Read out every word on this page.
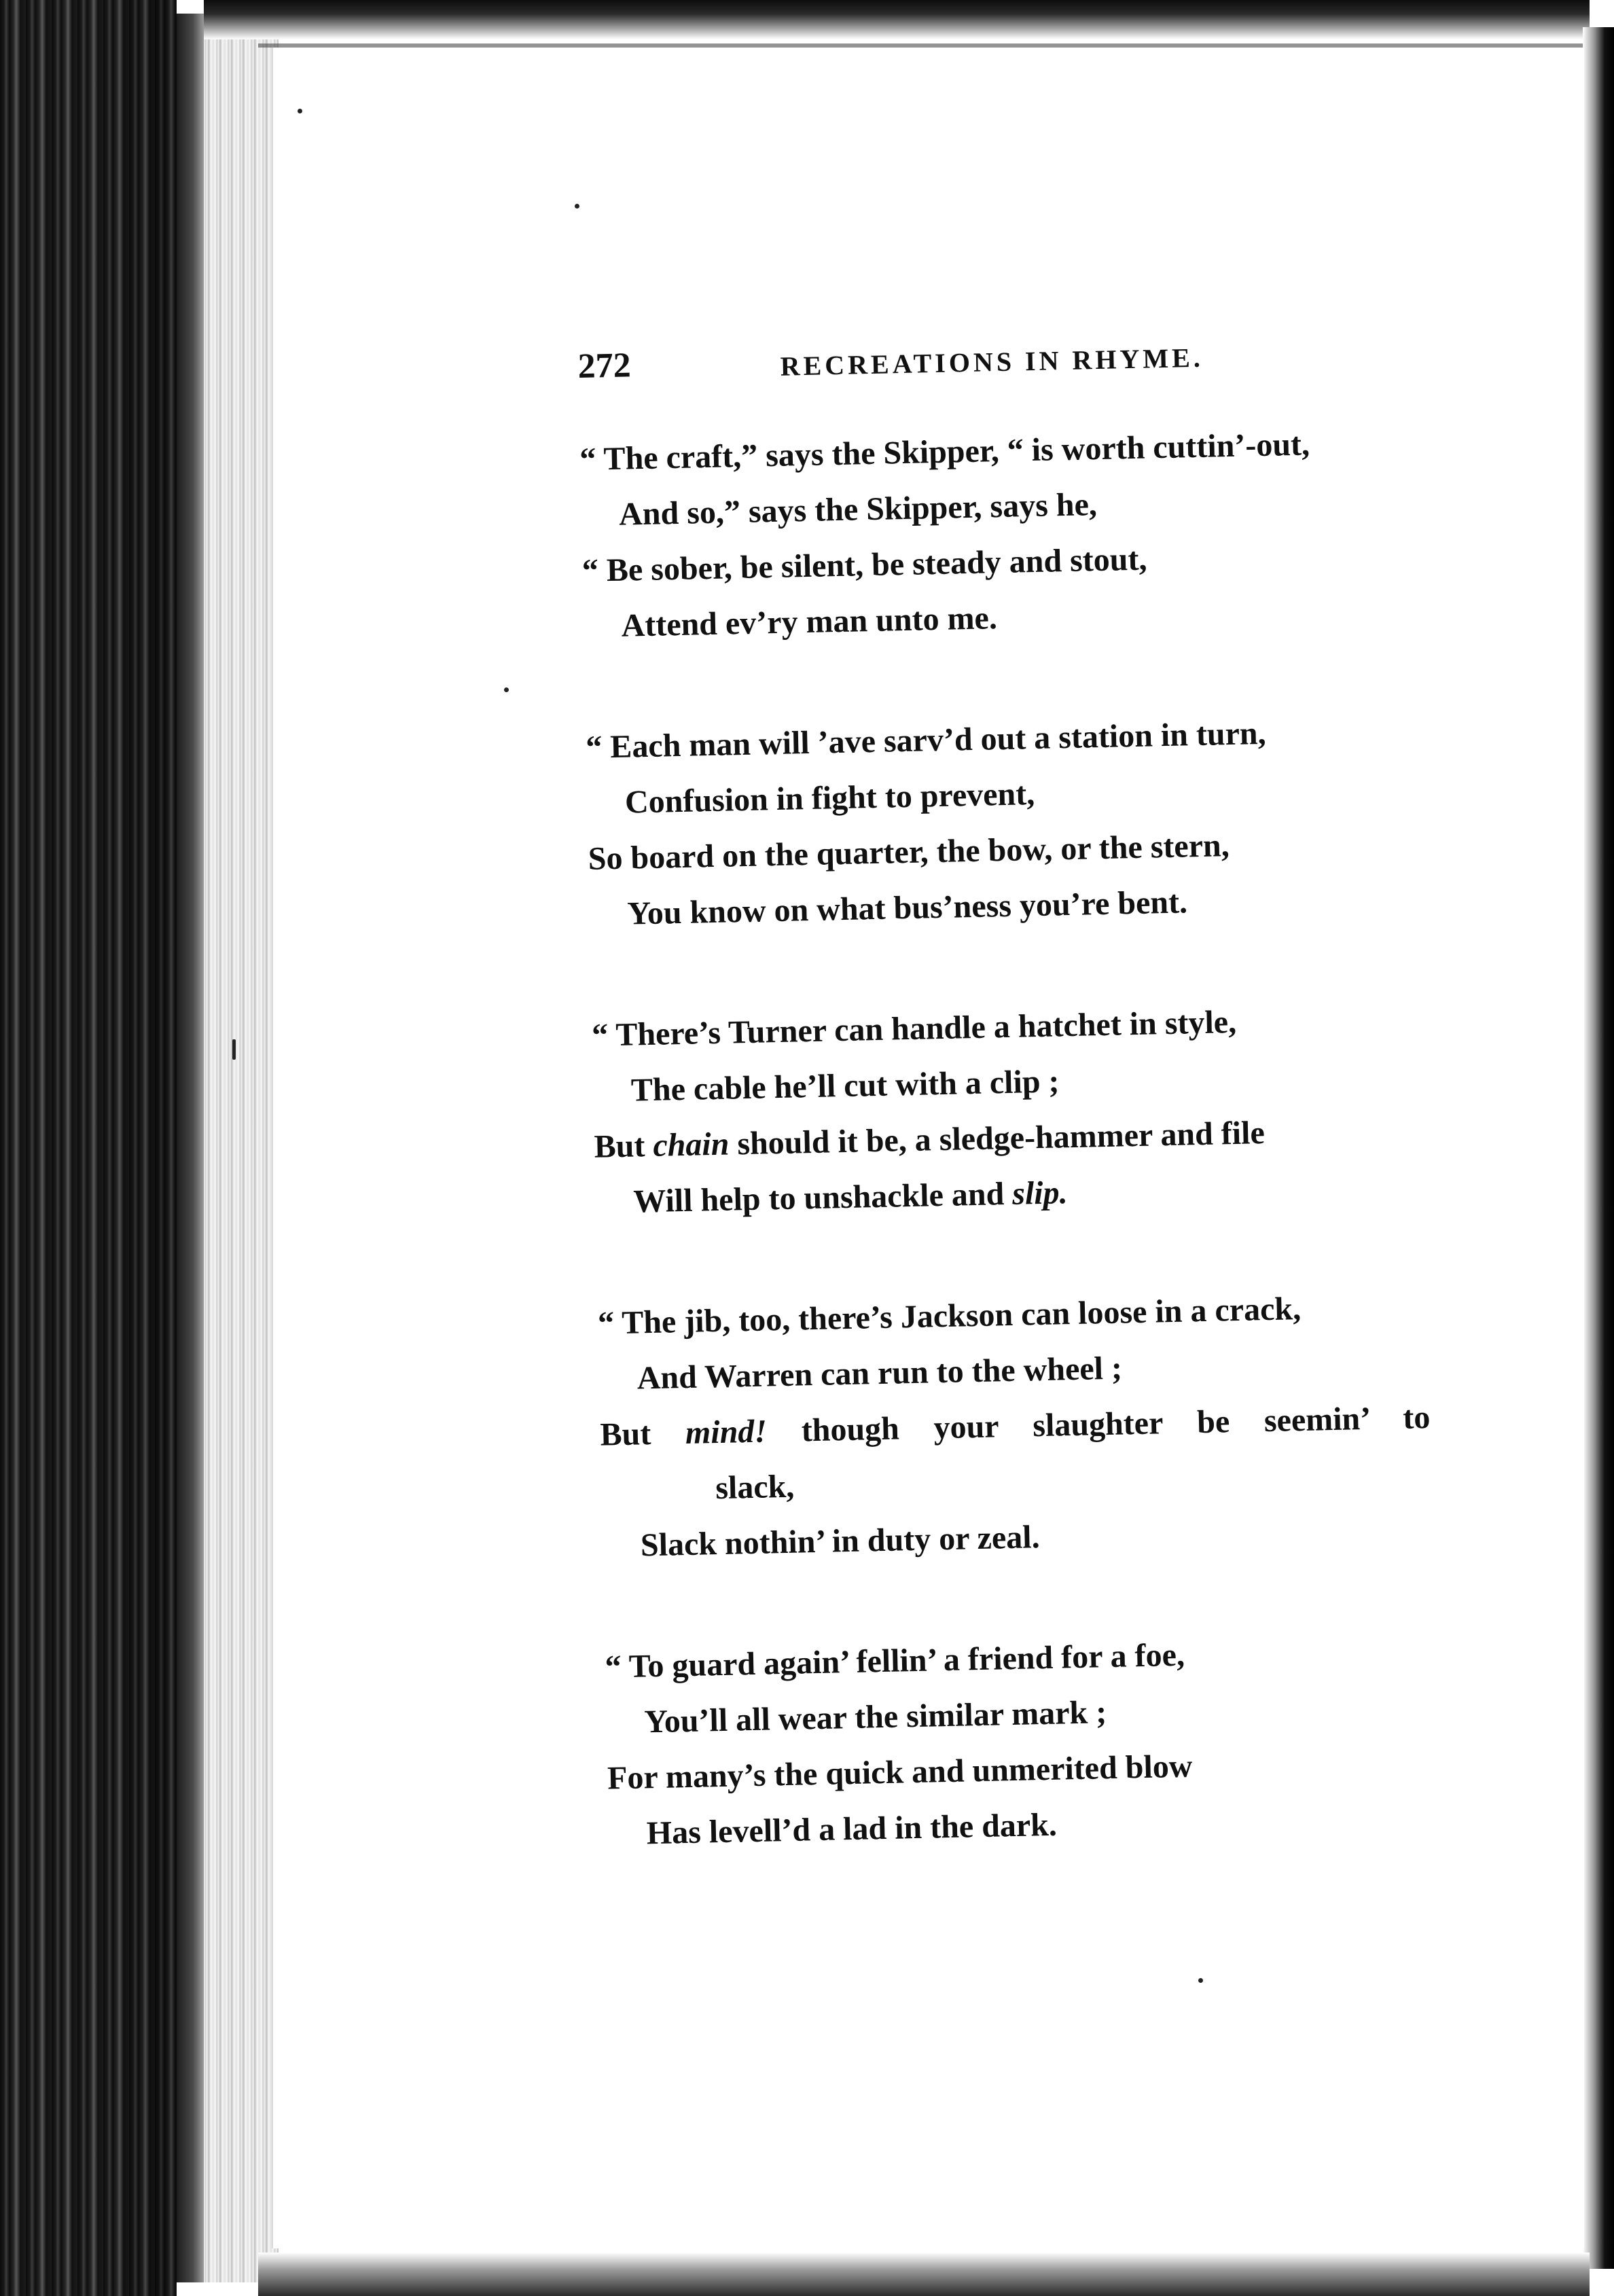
272	RECREATIONS IN RHYME.
“ The craft,” says the Skipper, “ is worth cuttin’-out,
And so,” says the Skipper, says he,
“ Be sober, be silent, be steady and stout,
Attend ev’ry man unto me.
“ Each man will ’ave sarv’d out a station in turn,
Confusion in fight to prevent,
So board on the quarter, the bow, or the stern,
You know on what bus’ness you’re bent.
“ There’s Turner can handle a hatchet in style,
The cable he’ll cut with a clip ;
But chain should it be, a sledge-hammer and file
Will help to unshackle and slip.
“ The jib, too, there’s Jackson can loose in a crack,
And Warren can run to the wheel ;
But mind! though your slaughter be seemin’ to
slack,
Slack nothin’ in duty or zeal.
“ To guard again’ fellin’ a friend for a foe,
You’ll all wear the similar mark ;
For many’s the quick and unmerited blow
Has levell’d a lad in the dark.
